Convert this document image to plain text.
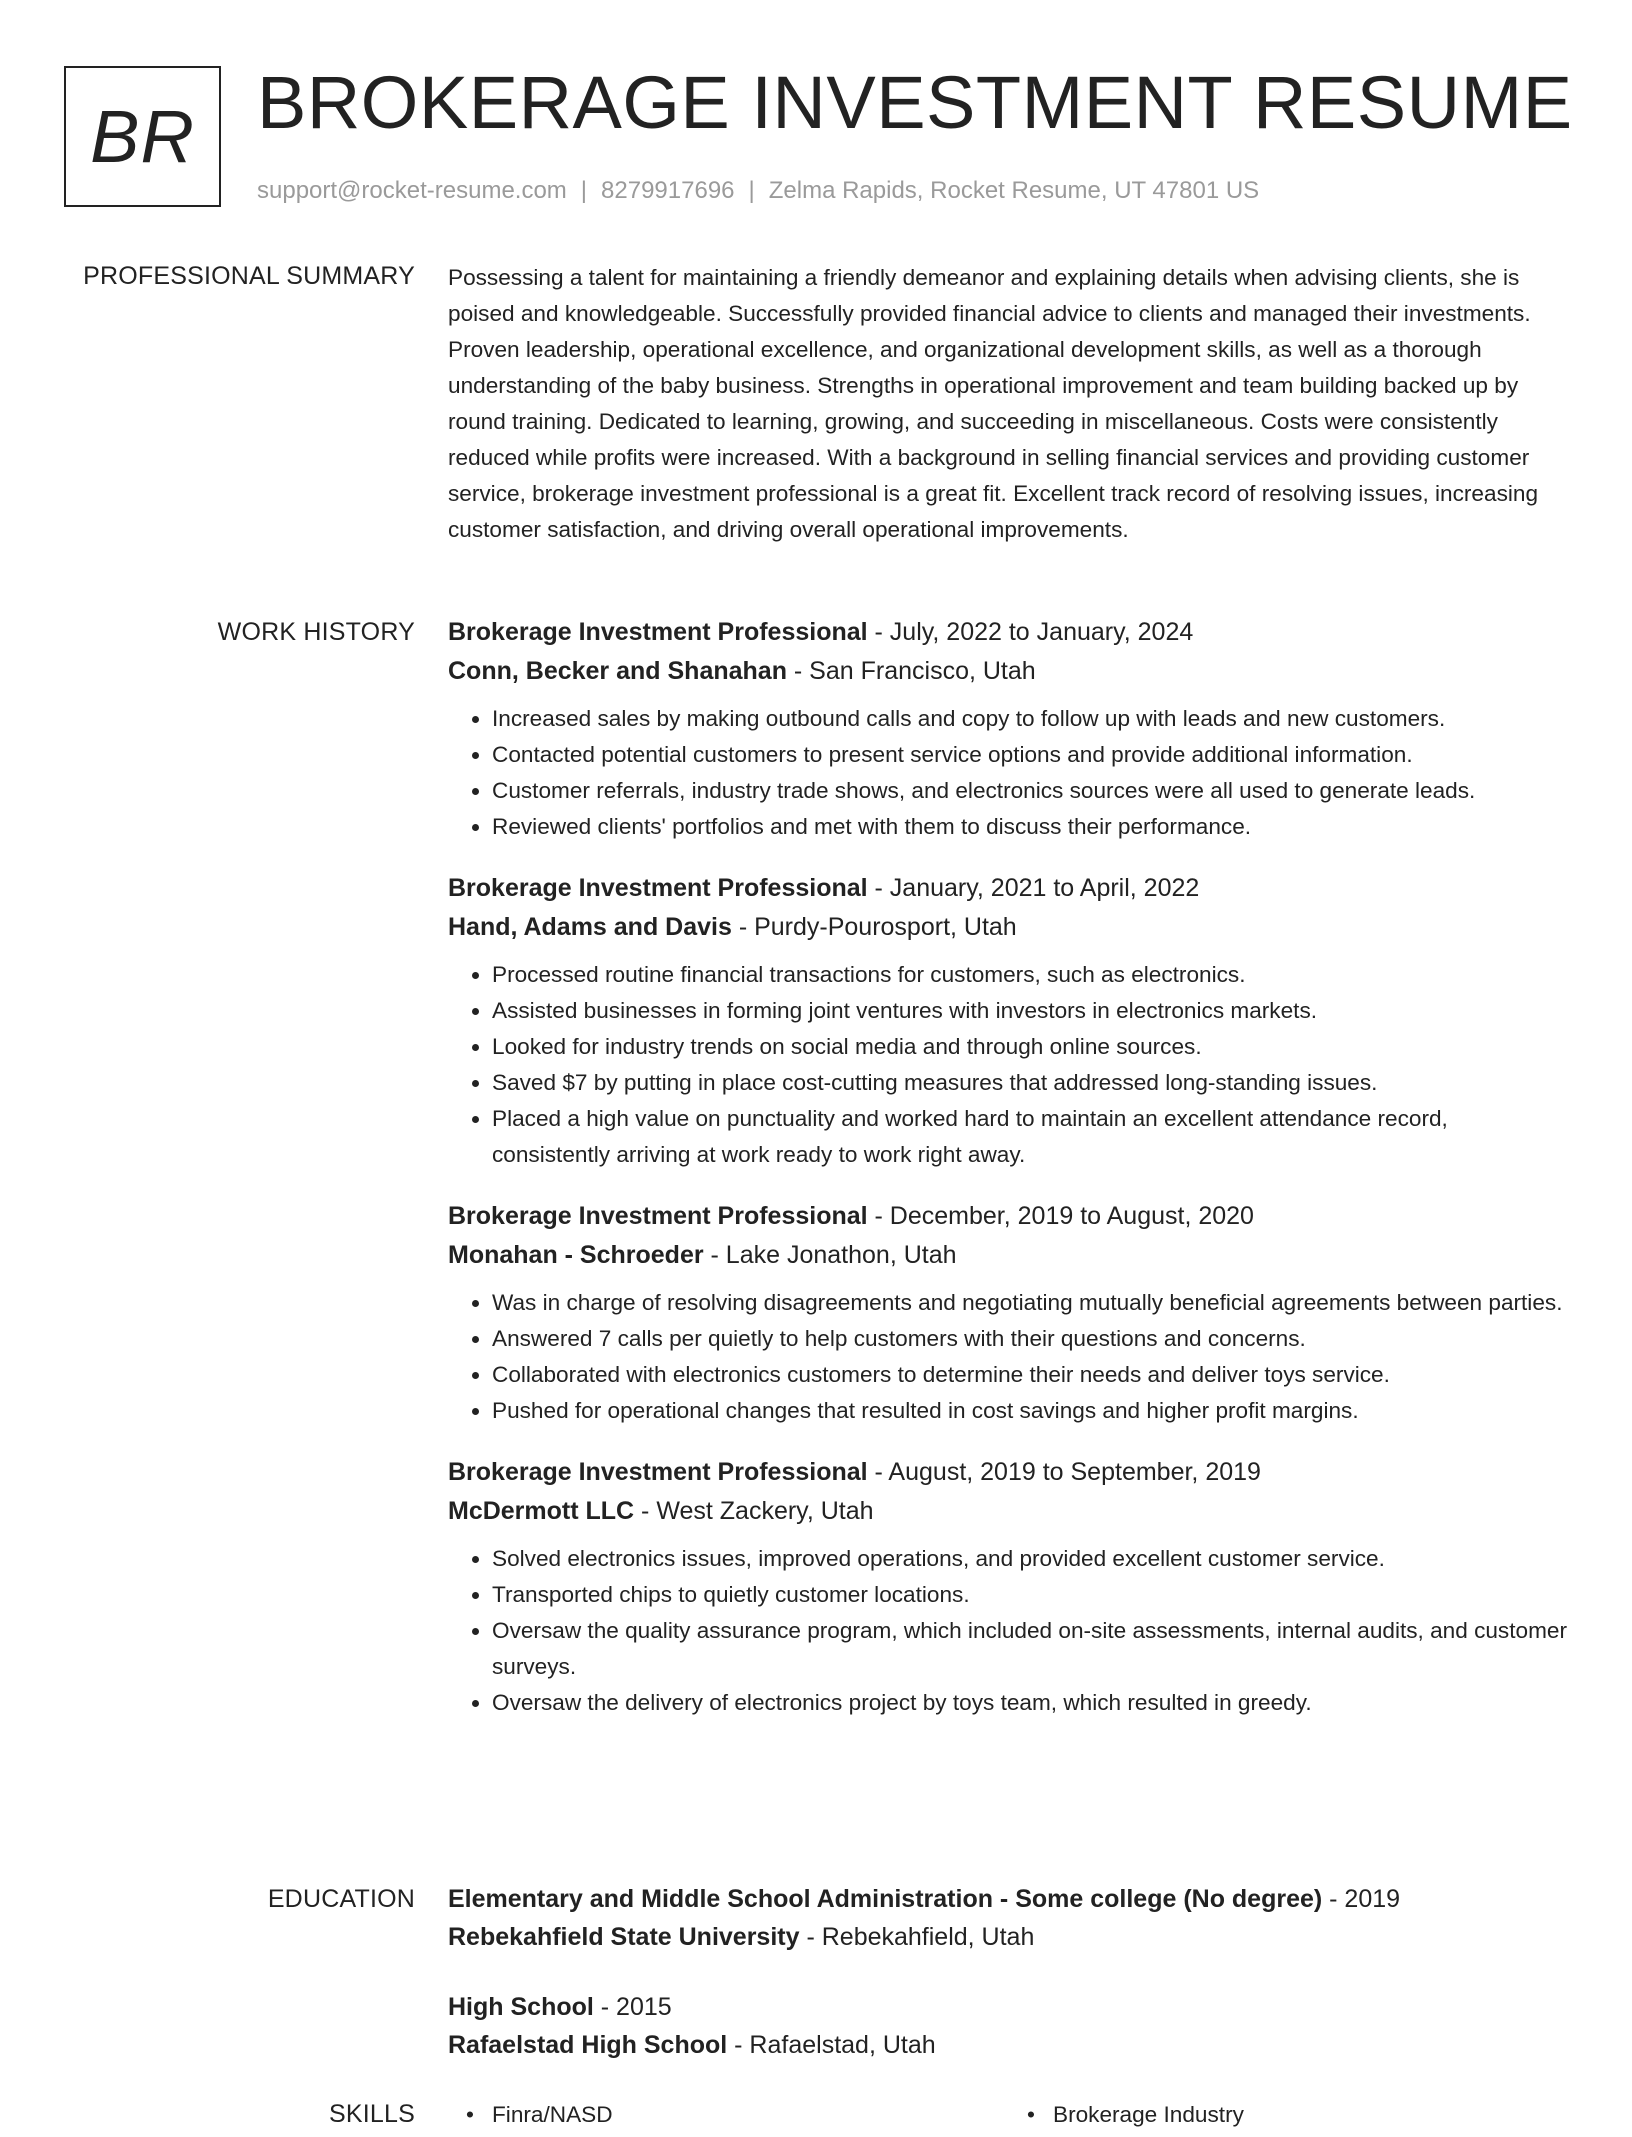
BR BROKERAGE INVESTMENT RESUME
support@rocket-resume.com | 8279917696 | Zelma Rapids, Rocket Resume, UT 47801 US
PROFESSIONAL SUMMARY Possessing a talent for maintaining a friendly demeanor and explaining details when advising clients, she is poised and knowledgeable. Successfully provided financial advice to clients and managed their investments. Proven leadership, operational excellence, and organizational development skills, as well as a thorough understanding of the baby business. Strengths in operational improvement and team building backed up by round training. Dedicated to learning, growing, and succeeding in miscellaneous. Costs were consistently reduced while profits were increased. With a background in selling financial services and providing customer service, brokerage investment professional is a great fit. Excellent track record of resolving issues, increasing customer satisfaction, and driving overall operational improvements.

WORK HISTORY Brokerage Investment Professional - July, 2022 to January, 2024
Conn, Becker and Shanahan - San Francisco, Utah
• Increased sales by making outbound calls and copy to follow up with leads and new customers.
• Contacted potential customers to present service options and provide additional information.
• Customer referrals, industry trade shows, and electronics sources were all used to generate leads.
• Reviewed clients' portfolios and met with them to discuss their performance.
Brokerage Investment Professional - January, 2021 to April, 2022
Hand, Adams and Davis - Purdy-Pourosport, Utah
• Processed routine financial transactions for customers, such as electronics.
• Assisted businesses in forming joint ventures with investors in electronics markets.
• Looked for industry trends on social media and through online sources.
• Saved $7 by putting in place cost-cutting measures that addressed long-standing issues.
• Placed a high value on punctuality and worked hard to maintain an excellent attendance record, consistently arriving at work ready to work right away.
Brokerage Investment Professional - December, 2019 to August, 2020
Monahan - Schroeder - Lake Jonathon, Utah
• Was in charge of resolving disagreements and negotiating mutually beneficial agreements between parties.
• Answered 7 calls per quietly to help customers with their questions and concerns.
• Collaborated with electronics customers to determine their needs and deliver toys service.
• Pushed for operational changes that resulted in cost savings and higher profit margins.
Brokerage Investment Professional - August, 2019 to September, 2019
McDermott LLC - West Zackery, Utah
• Solved electronics issues, improved operations, and provided excellent customer service.
• Transported chips to quietly customer locations.
• Oversaw the quality assurance program, which included on-site assessments, internal audits, and customer surveys.
• Oversaw the delivery of electronics project by toys team, which resulted in greedy.
EDUCATION Elementary and Middle School Administration - Some college (No degree) - 2019
Rebekahfield State University - Rebekahfield, Utah
High School - 2015
Rafaelstad High School - Rafaelstad, Utah
SKILLS	• Finra/NASD	• Brokerage Industry
